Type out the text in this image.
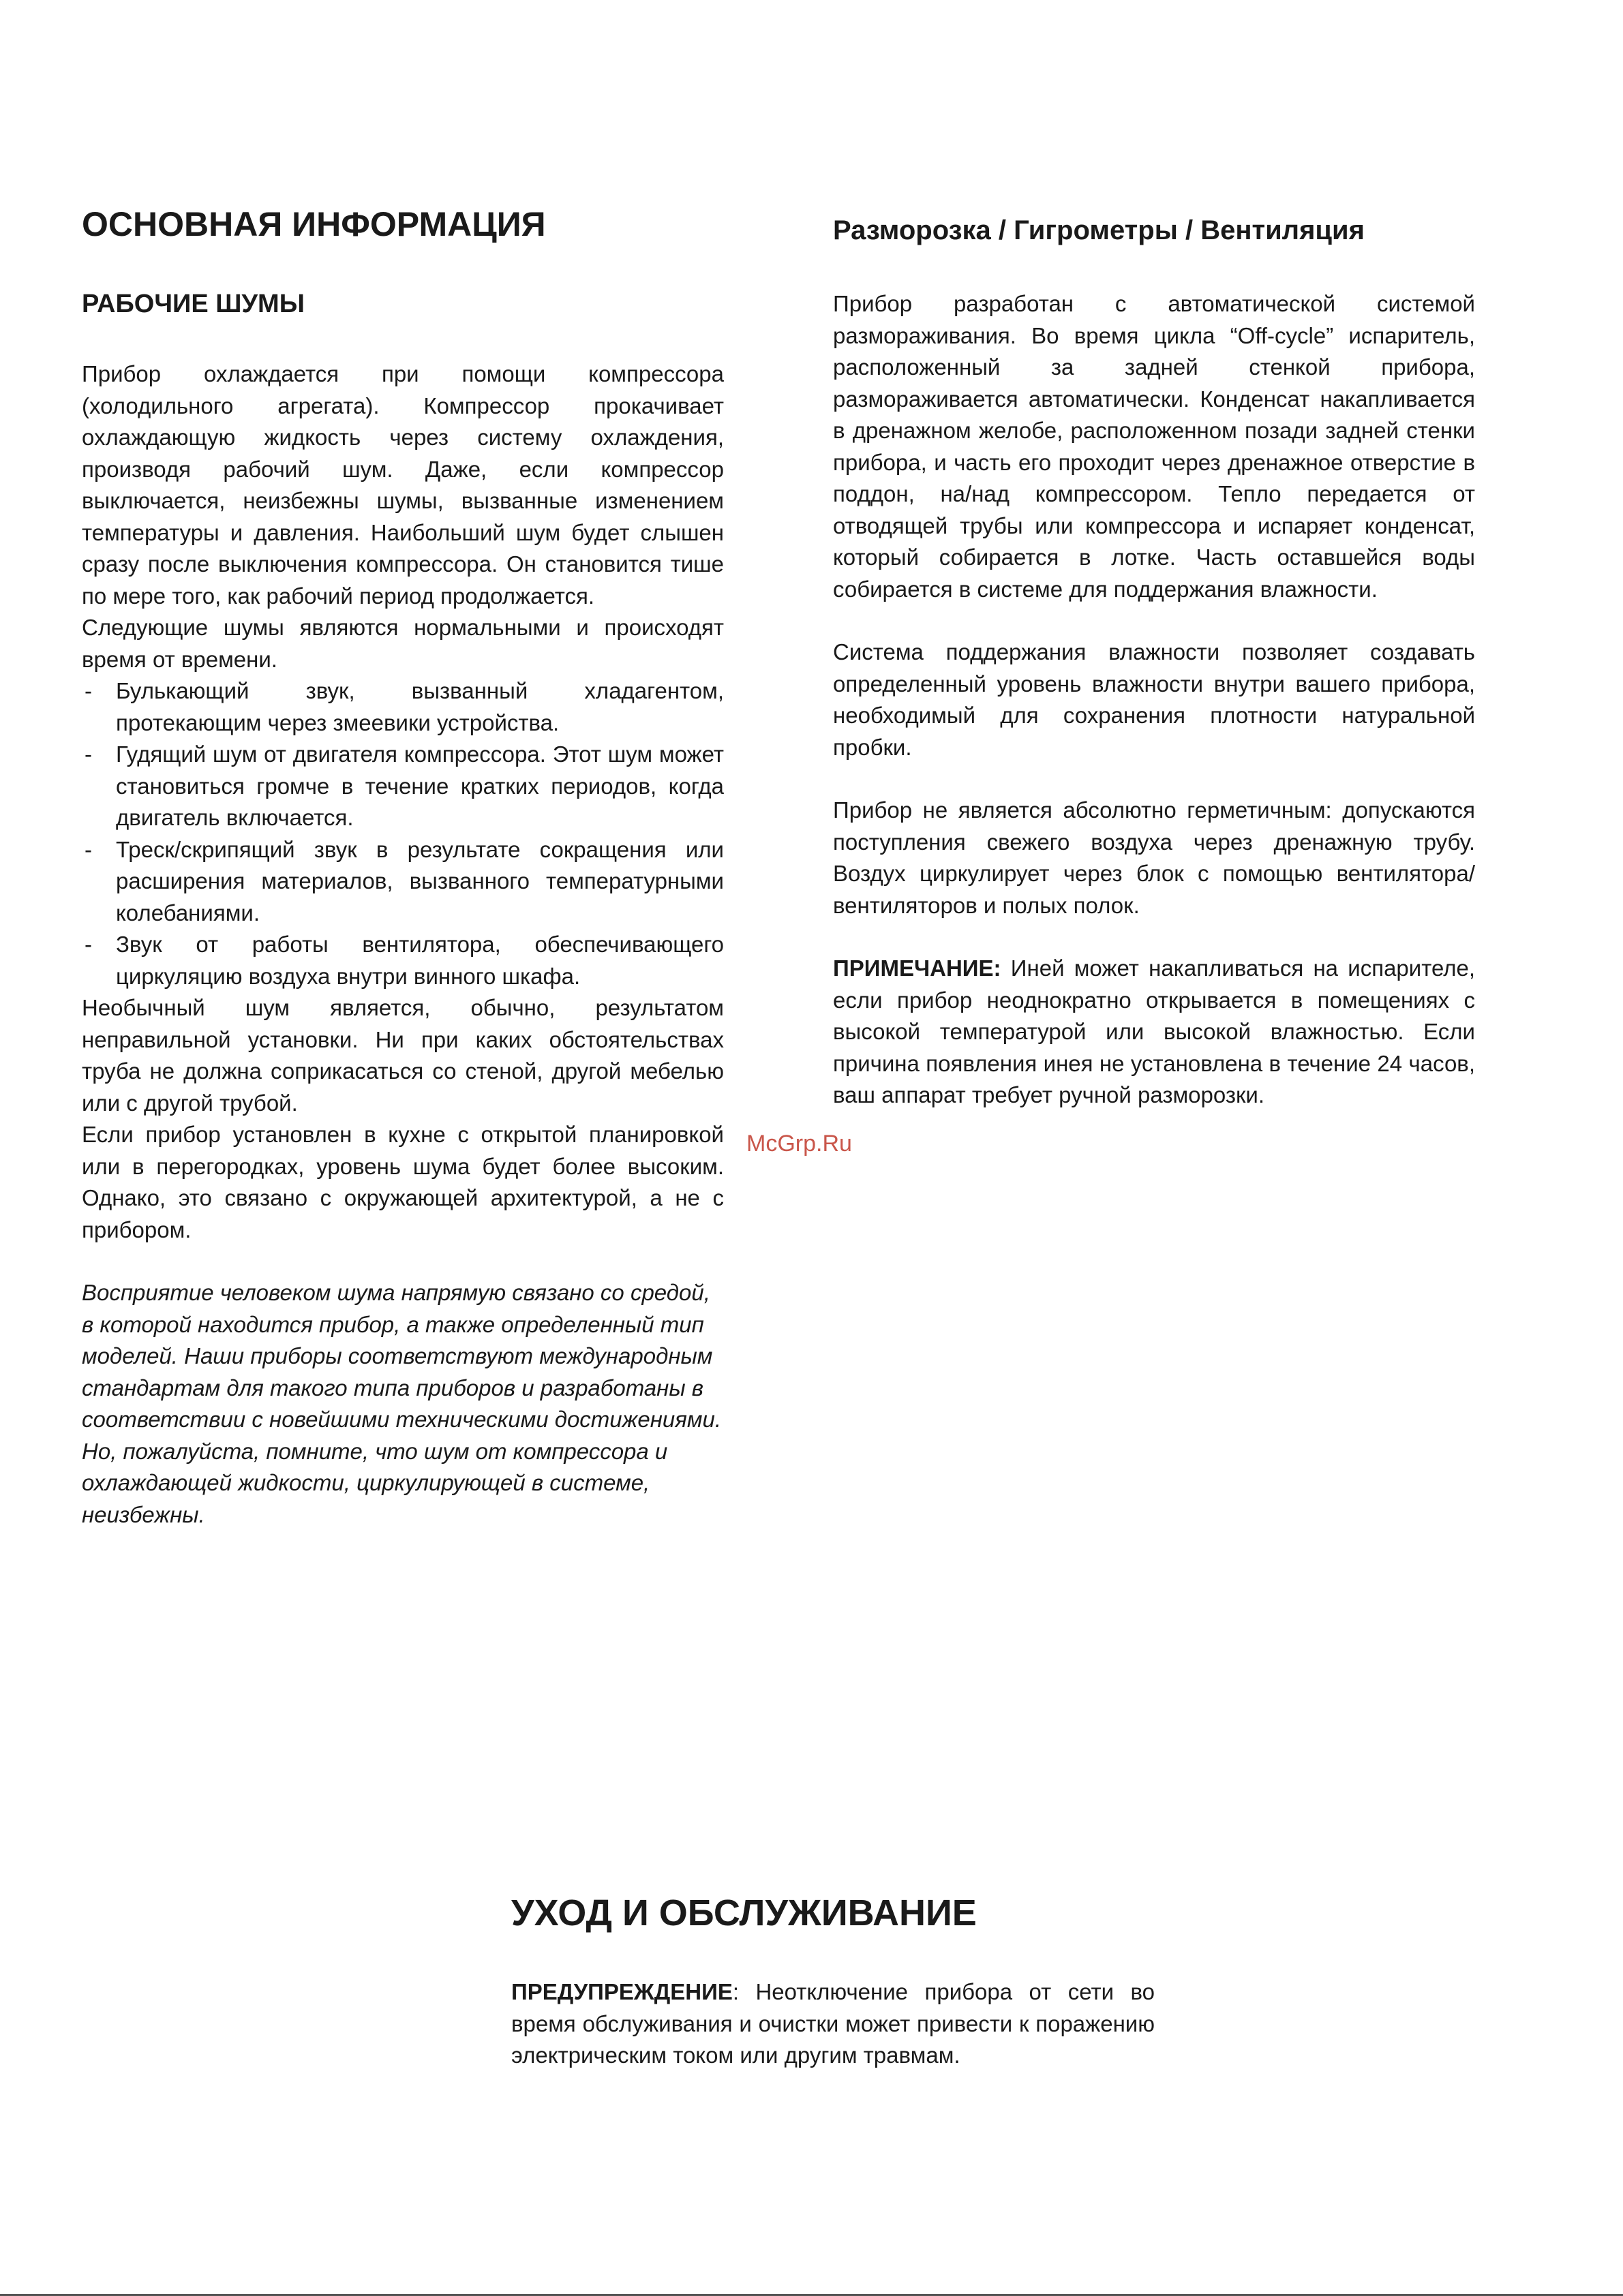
ОСНОВНАЯ ИНФОРМАЦИЯ
РАБОЧИЕ ШУМЫ

Прибор охлаждается при помощи компрессора (холодильного агрегата). Компрессор прокачивает охлаждающую жидкость через систему охлаждения, производя рабочий шум. Даже, если компрессор выключается, неизбежны шумы, вызванные изменением температуры и давления. Наибольший шум будет слышен сразу после выключения компрессора. Он становится тише по мере того, как рабочий период продолжается.

Следующие шумы являются нормальными и происходят время от времени.

- Булькающий звук, вызванный хладагентом, протекающим через змеевики устройства.
- Гудящий шум от двигателя компрессора. Этот шум может становиться громче в течение кратких периодов, когда двигатель включается.
- Треск/скрипящий звук в результате сокращения или расширения материалов, вызванного температурными колебаниями.
- Звук от работы вентилятора, обеспечивающего циркуляцию воздуха внутри винного шкафа.

Необычный шум является, обычно, результатом неправильной установки. Ни при каких обстоятельствах труба не должна соприкасаться со стеной, другой мебелью или с другой трубой.

Если прибор установлен в кухне с открытой планировкой или в перегородках, уровень шума будет более высоким. Однако, это связано с окружающей архитектурой, а не с прибором.

Восприятие человеком шума напрямую связано со средой, в которой находится прибор, а также определенный тип моделей. Наши приборы соответствуют международным стандартам для такого типа приборов и разработаны в соответствии с новейшими техническими достижениями. Но, пожалуйста, помните, что шум от компрессора и охлаждающей жидкости, циркулирующей в системе, неизбежны.

Разморозка / Гигрометры / Вентиляция

Прибор разработан с автоматической системой размораживания. Во время цикла “Off-cycle” испаритель, расположенный за задней стенкой прибора, размораживается автоматически. Конденсат накапливается в дренажном желобе, расположенном позади задней стенки прибора, и часть его проходит через дренажное отверстие в поддон, на/над компрессором. Тепло передается от отводящей трубы или компрессора и испаряет конденсат, который собирается в лотке. Часть оставшейся воды собирается в системе для поддержания влажности.

Система поддержания влажности позволяет создавать определенный уровень влажности внутри вашего прибора, необходимый для сохранения плотности натуральной пробки.

Прибор не является абсолютно герметичным: допускаются поступления свежего воздуха через дренажную трубу. Воздух циркулирует через блок с помощью вентилятора/вентиляторов и полых полок.

ПРИМЕЧАНИЕ: Иней может накапливаться на испарителе, если прибор неоднократно открывается в помещениях с высокой температурой или высокой влажностью. Если причина появления инея не установлена в течение 24 часов, ваш аппарат требует ручной разморозки.

McGrp.Ru
УХОД И ОБСЛУЖИВАНИЕ

ПРЕДУПРЕЖДЕНИЕ: Неотключение прибора от сети во время обслуживания и очистки может привести к поражению электрическим током или другим травмам.
